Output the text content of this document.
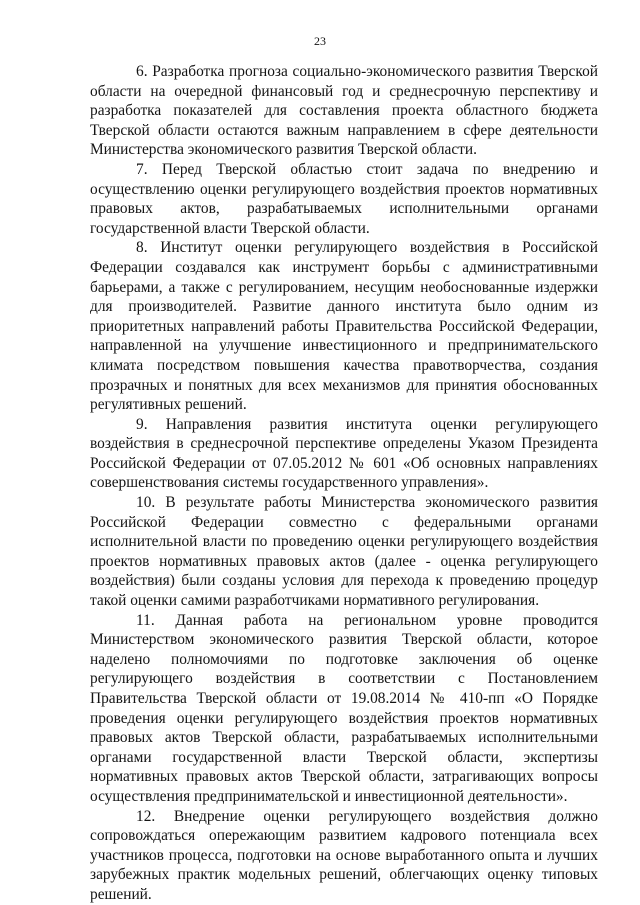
23

6. Разработка прогноза социально-экономического развития Тверской области на очередной финансовый год и среднесрочную перспективу и разработка показателей для составления проекта областного бюджета Тверской области остаются важным направлением в сфере деятельности Министерства экономического развития Тверской области.

7. Перед Тверской областью стоит задача по внедрению и осуществлению оценки регулирующего воздействия проектов нормативных правовых актов, разрабатываемых исполнительными органами государственной власти Тверской области.

8. Институт оценки регулирующего воздействия в Российской Федерации создавался как инструмент борьбы с административными барьерами, а также с регулированием, несущим необоснованные издержки для производителей. Развитие данного института было одним из приоритетных направлений работы Правительства Российской Федерации, направленной на улучшение инвестиционного и предпринимательского климата посредством повышения качества правотворчества, создания прозрачных и понятных для всех механизмов для принятия обоснованных регулятивных решений.

9. Направления развития института оценки регулирующего воздействия в среднесрочной перспективе определены Указом Президента Российской Федерации от 07.05.2012 № 601 «Об основных направлениях совершенствования системы государственного управления».

10. В результате работы Министерства экономического развития Российской Федерации совместно с федеральными органами исполнительной власти по проведению оценки регулирующего воздействия проектов нормативных правовых актов (далее - оценка регулирующего воздействия) были созданы условия для перехода к проведению процедур такой оценки самими разработчиками нормативного регулирования.

11. Данная работа на региональном уровне проводится Министерством экономического развития Тверской области, которое наделено полномочиями по подготовке заключения об оценке регулирующего воздействия в соответствии с Постановлением Правительства Тверской области от 19.08.2014 № 410-пп «О Порядке проведения оценки регулирующего воздействия проектов нормативных правовых актов Тверской области, разрабатываемых исполнительными органами государственной власти Тверской области, экспертизы нормативных правовых актов Тверской области, затрагивающих вопросы осуществления предпринимательской и инвестиционной деятельности».

12. Внедрение оценки регулирующего воздействия должно сопровождаться опережающим развитием кадрового потенциала всех участников процесса, подготовки на основе выработанного опыта и лучших зарубежных практик модельных решений, облегчающих оценку типовых решений.
